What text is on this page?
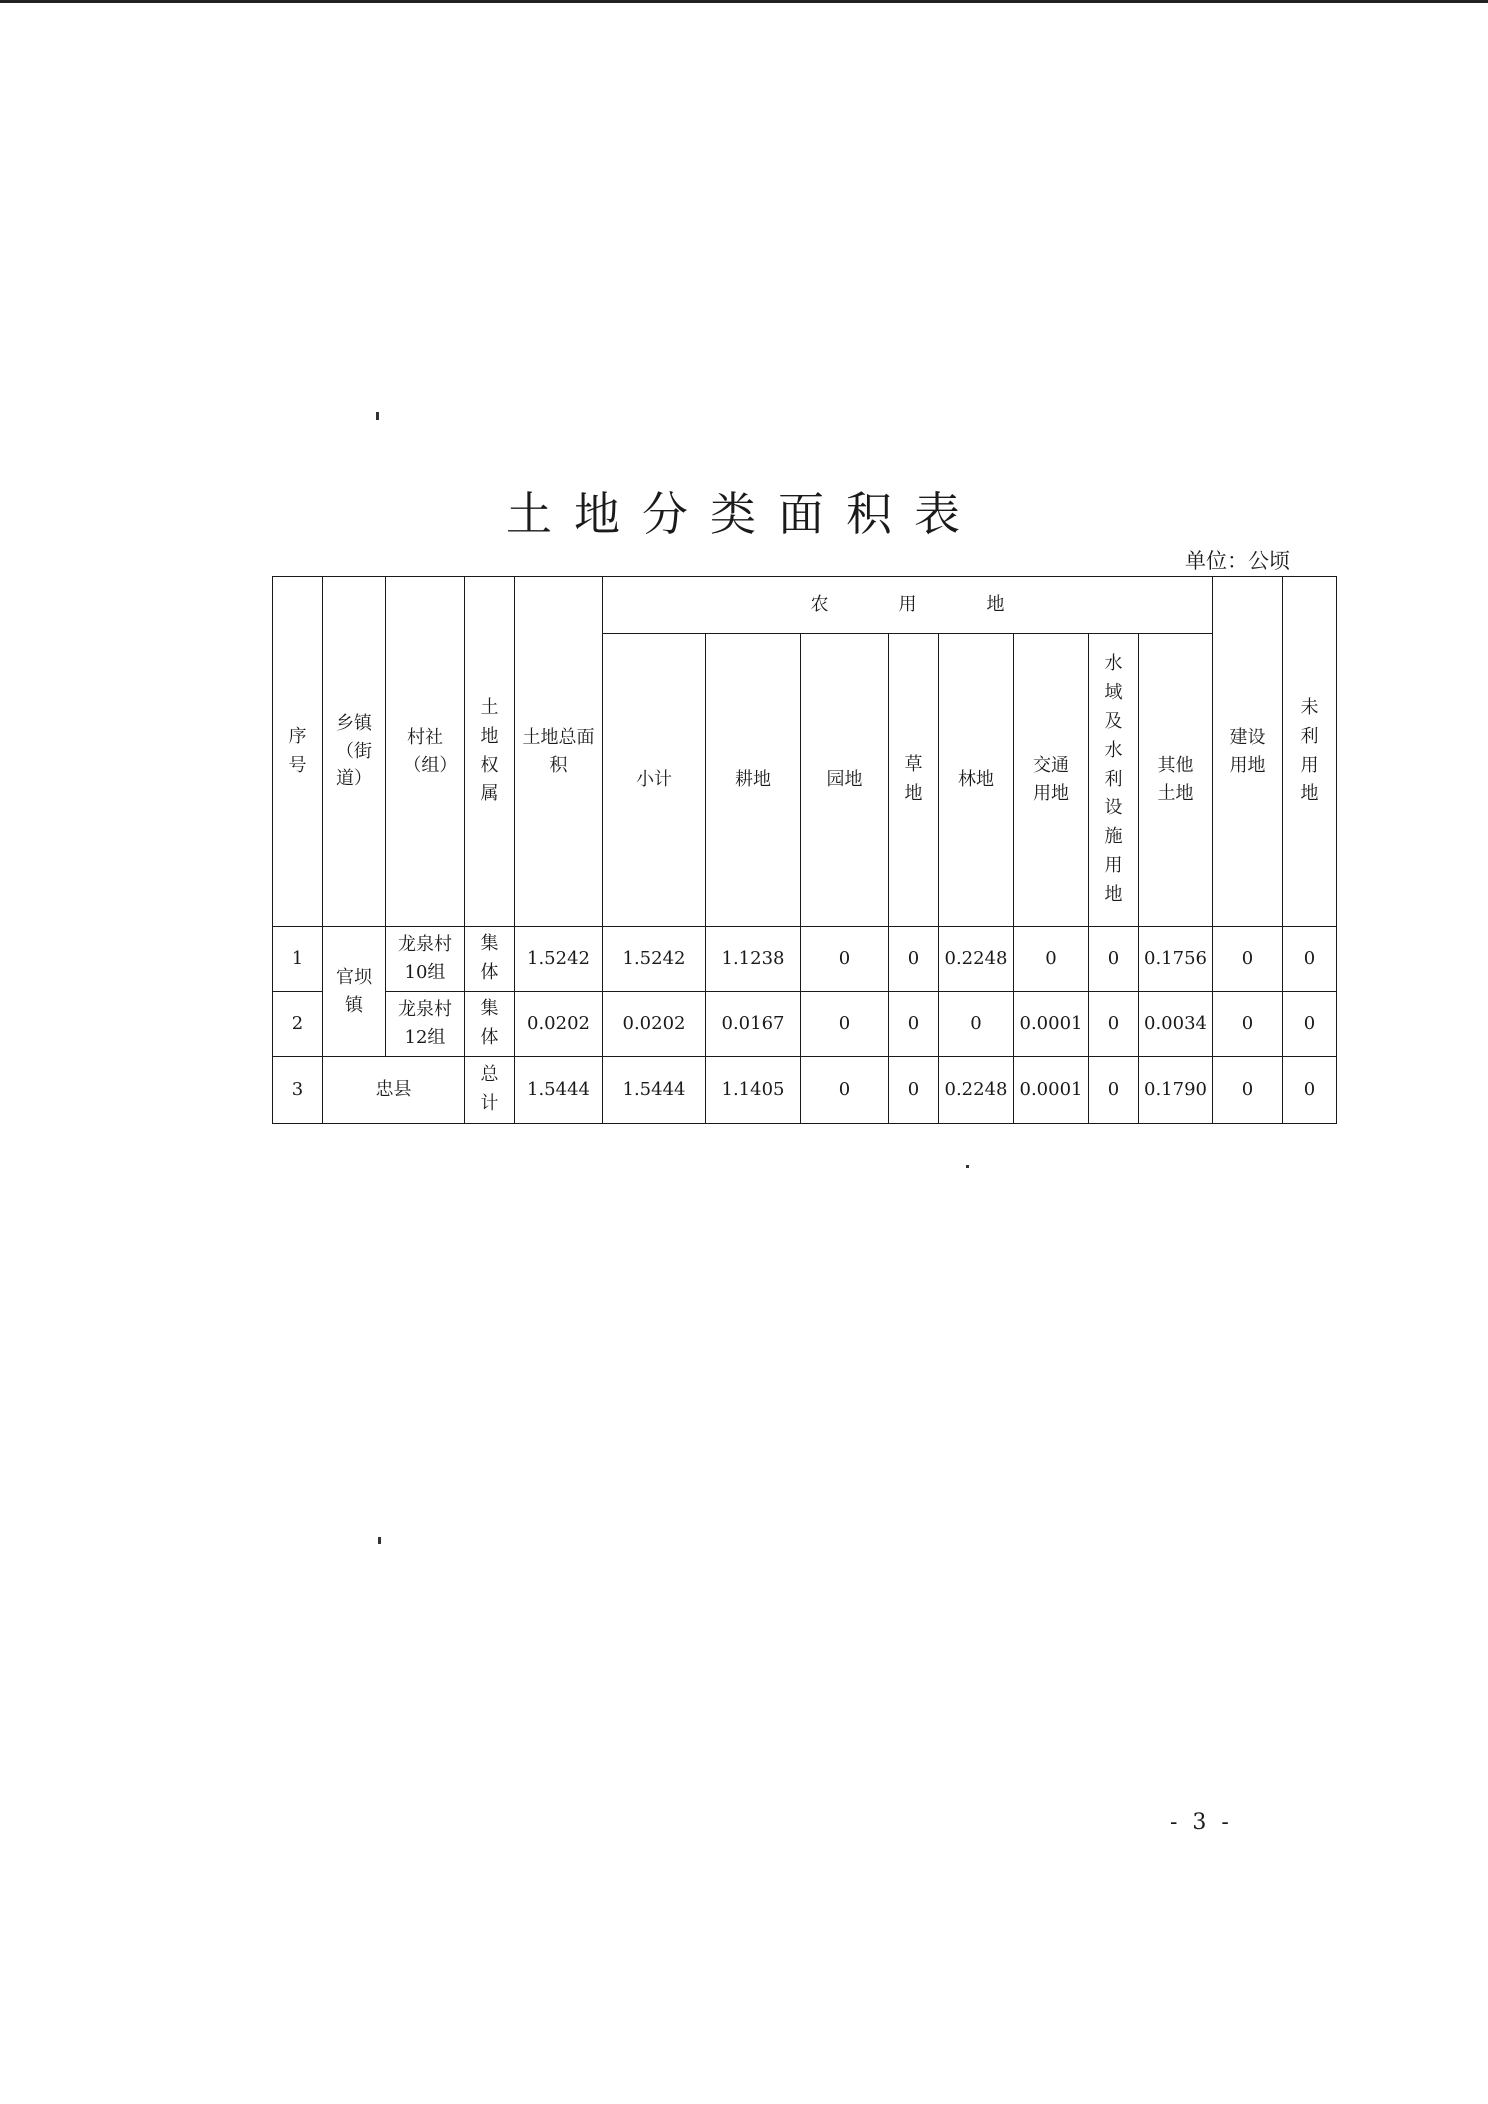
土地分类面积表
单位：公顷
序号	乡镇（街道）	村社（组）	土地权属	土地总面积	农用地								建设用地	未利用地
					小计	耕地	园地	草地	林地	交通用地	水域及水利设施用地	其他土地		
1	官坝镇	龙泉村10组	集体	1.5242	1.5242	1.1238	0	0	0.2248	0	0	0.1756	0	0
2		龙泉村12组	集体	0.0202	0.0202	0.0167	0	0	0	0.0001	0	0.0034	0	0
3	忠县		总计	1.5444	1.5444	1.1405	0	0	0.2248	0.0001	0	0.1790	0	0
- 3 -
